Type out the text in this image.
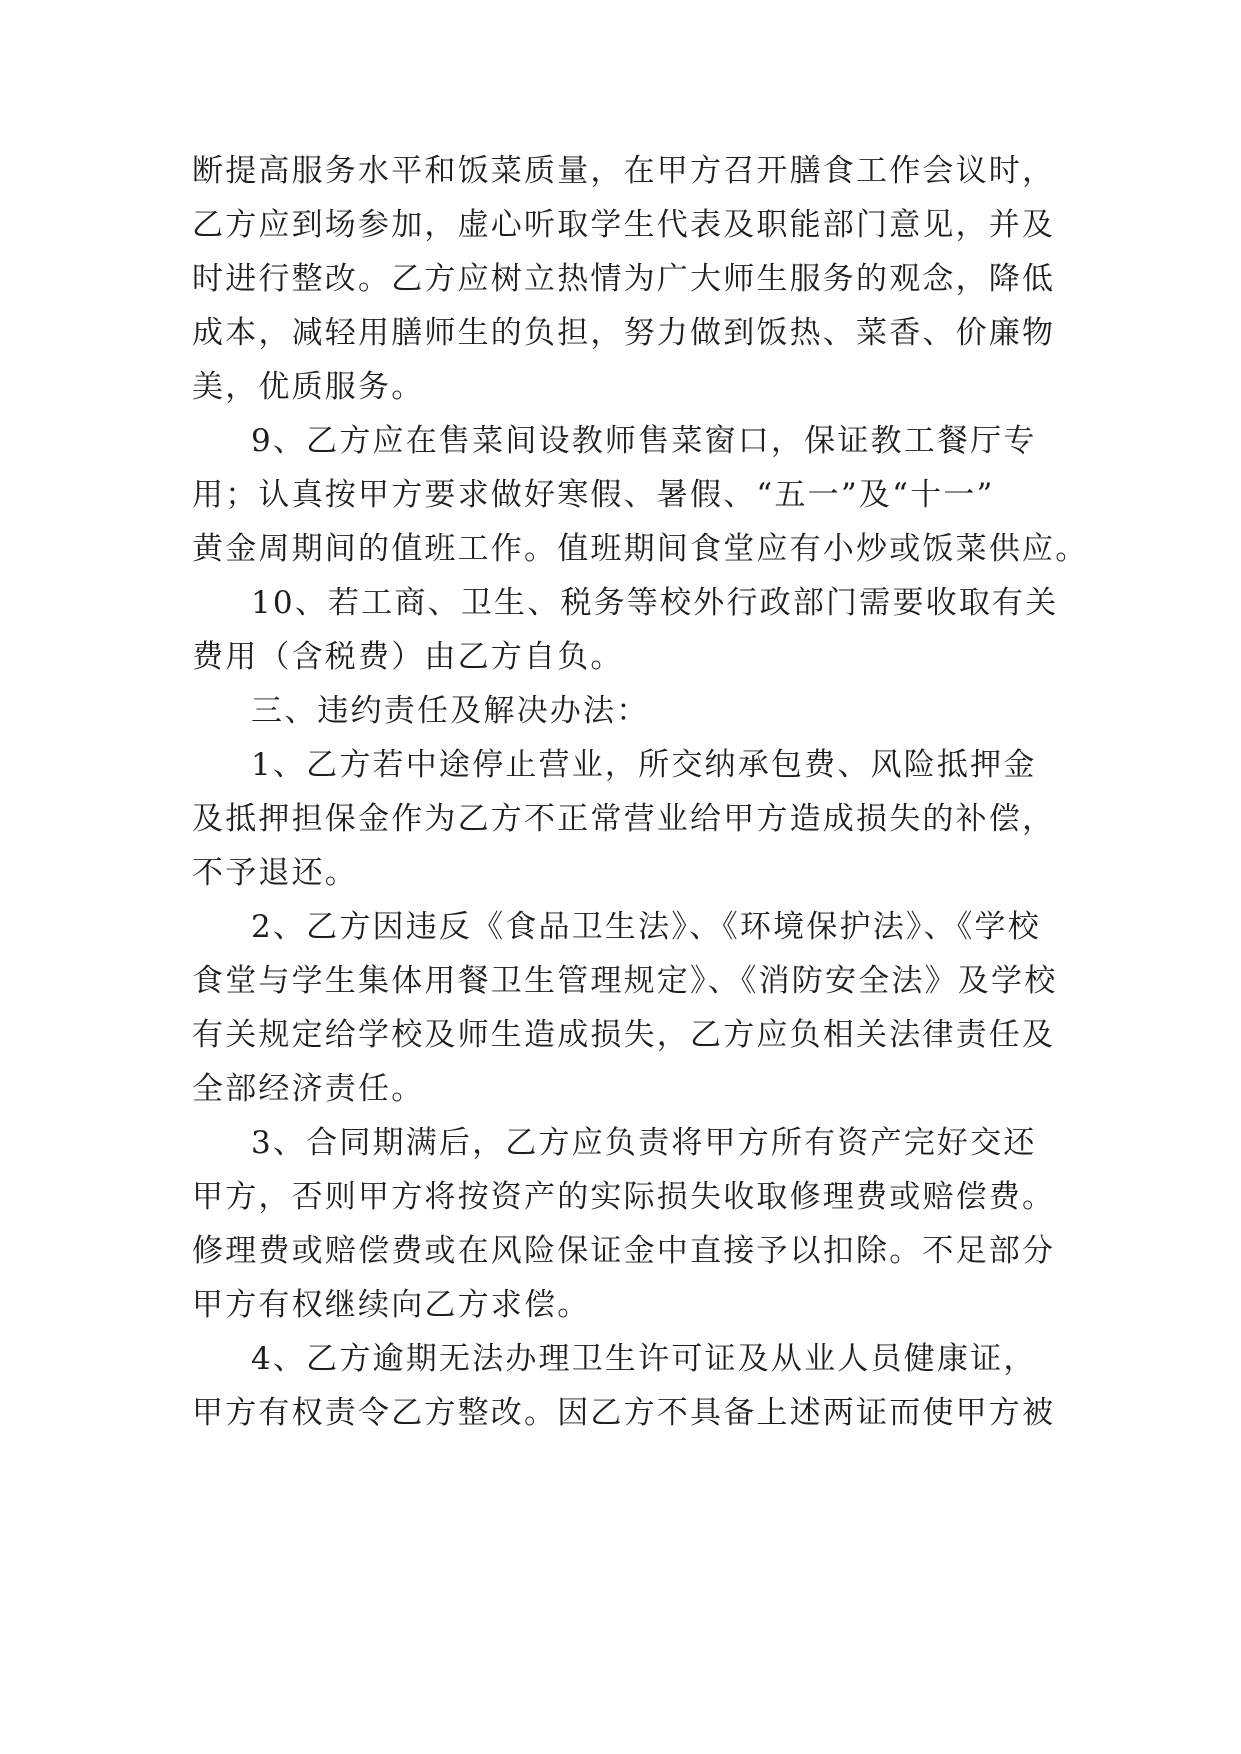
断提高服务水平和饭菜质量，在甲方召开膳食工作会议时，

乙方应到场参加，虚心听取学生代表及职能部门意见，并及

时进行整改。乙方应树立热情为广大师生服务的观念，降低

成本，减轻用膳师生的负担，努力做到饭热、菜香、价廉物

美，优质服务。

9、乙方应在售菜间设教师售菜窗口，保证教工餐厅专

用；认真按甲方要求做好寒假、暑假、“五一”及“十一”

黄金周期间的值班工作。值班期间食堂应有小炒或饭菜供应。

10、若工商、卫生、税务等校外行政部门需要收取有关

费用（含税费）由乙方自负。

三、违约责任及解决办法：

1、乙方若中途停止营业，所交纳承包费、风险抵押金

及抵押担保金作为乙方不正常营业给甲方造成损失的补偿，

不予退还。

2、乙方因违反《食品卫生法》、《环境保护法》、《学校

食堂与学生集体用餐卫生管理规定》、《消防安全法》及学校

有关规定给学校及师生造成损失，乙方应负相关法律责任及

全部经济责任。

3、合同期满后，乙方应负责将甲方所有资产完好交还

甲方，否则甲方将按资产的实际损失收取修理费或赔偿费。

修理费或赔偿费或在风险保证金中直接予以扣除。不足部分

甲方有权继续向乙方求偿。

4、乙方逾期无法办理卫生许可证及从业人员健康证，

甲方有权责令乙方整改。因乙方不具备上述两证而使甲方被
